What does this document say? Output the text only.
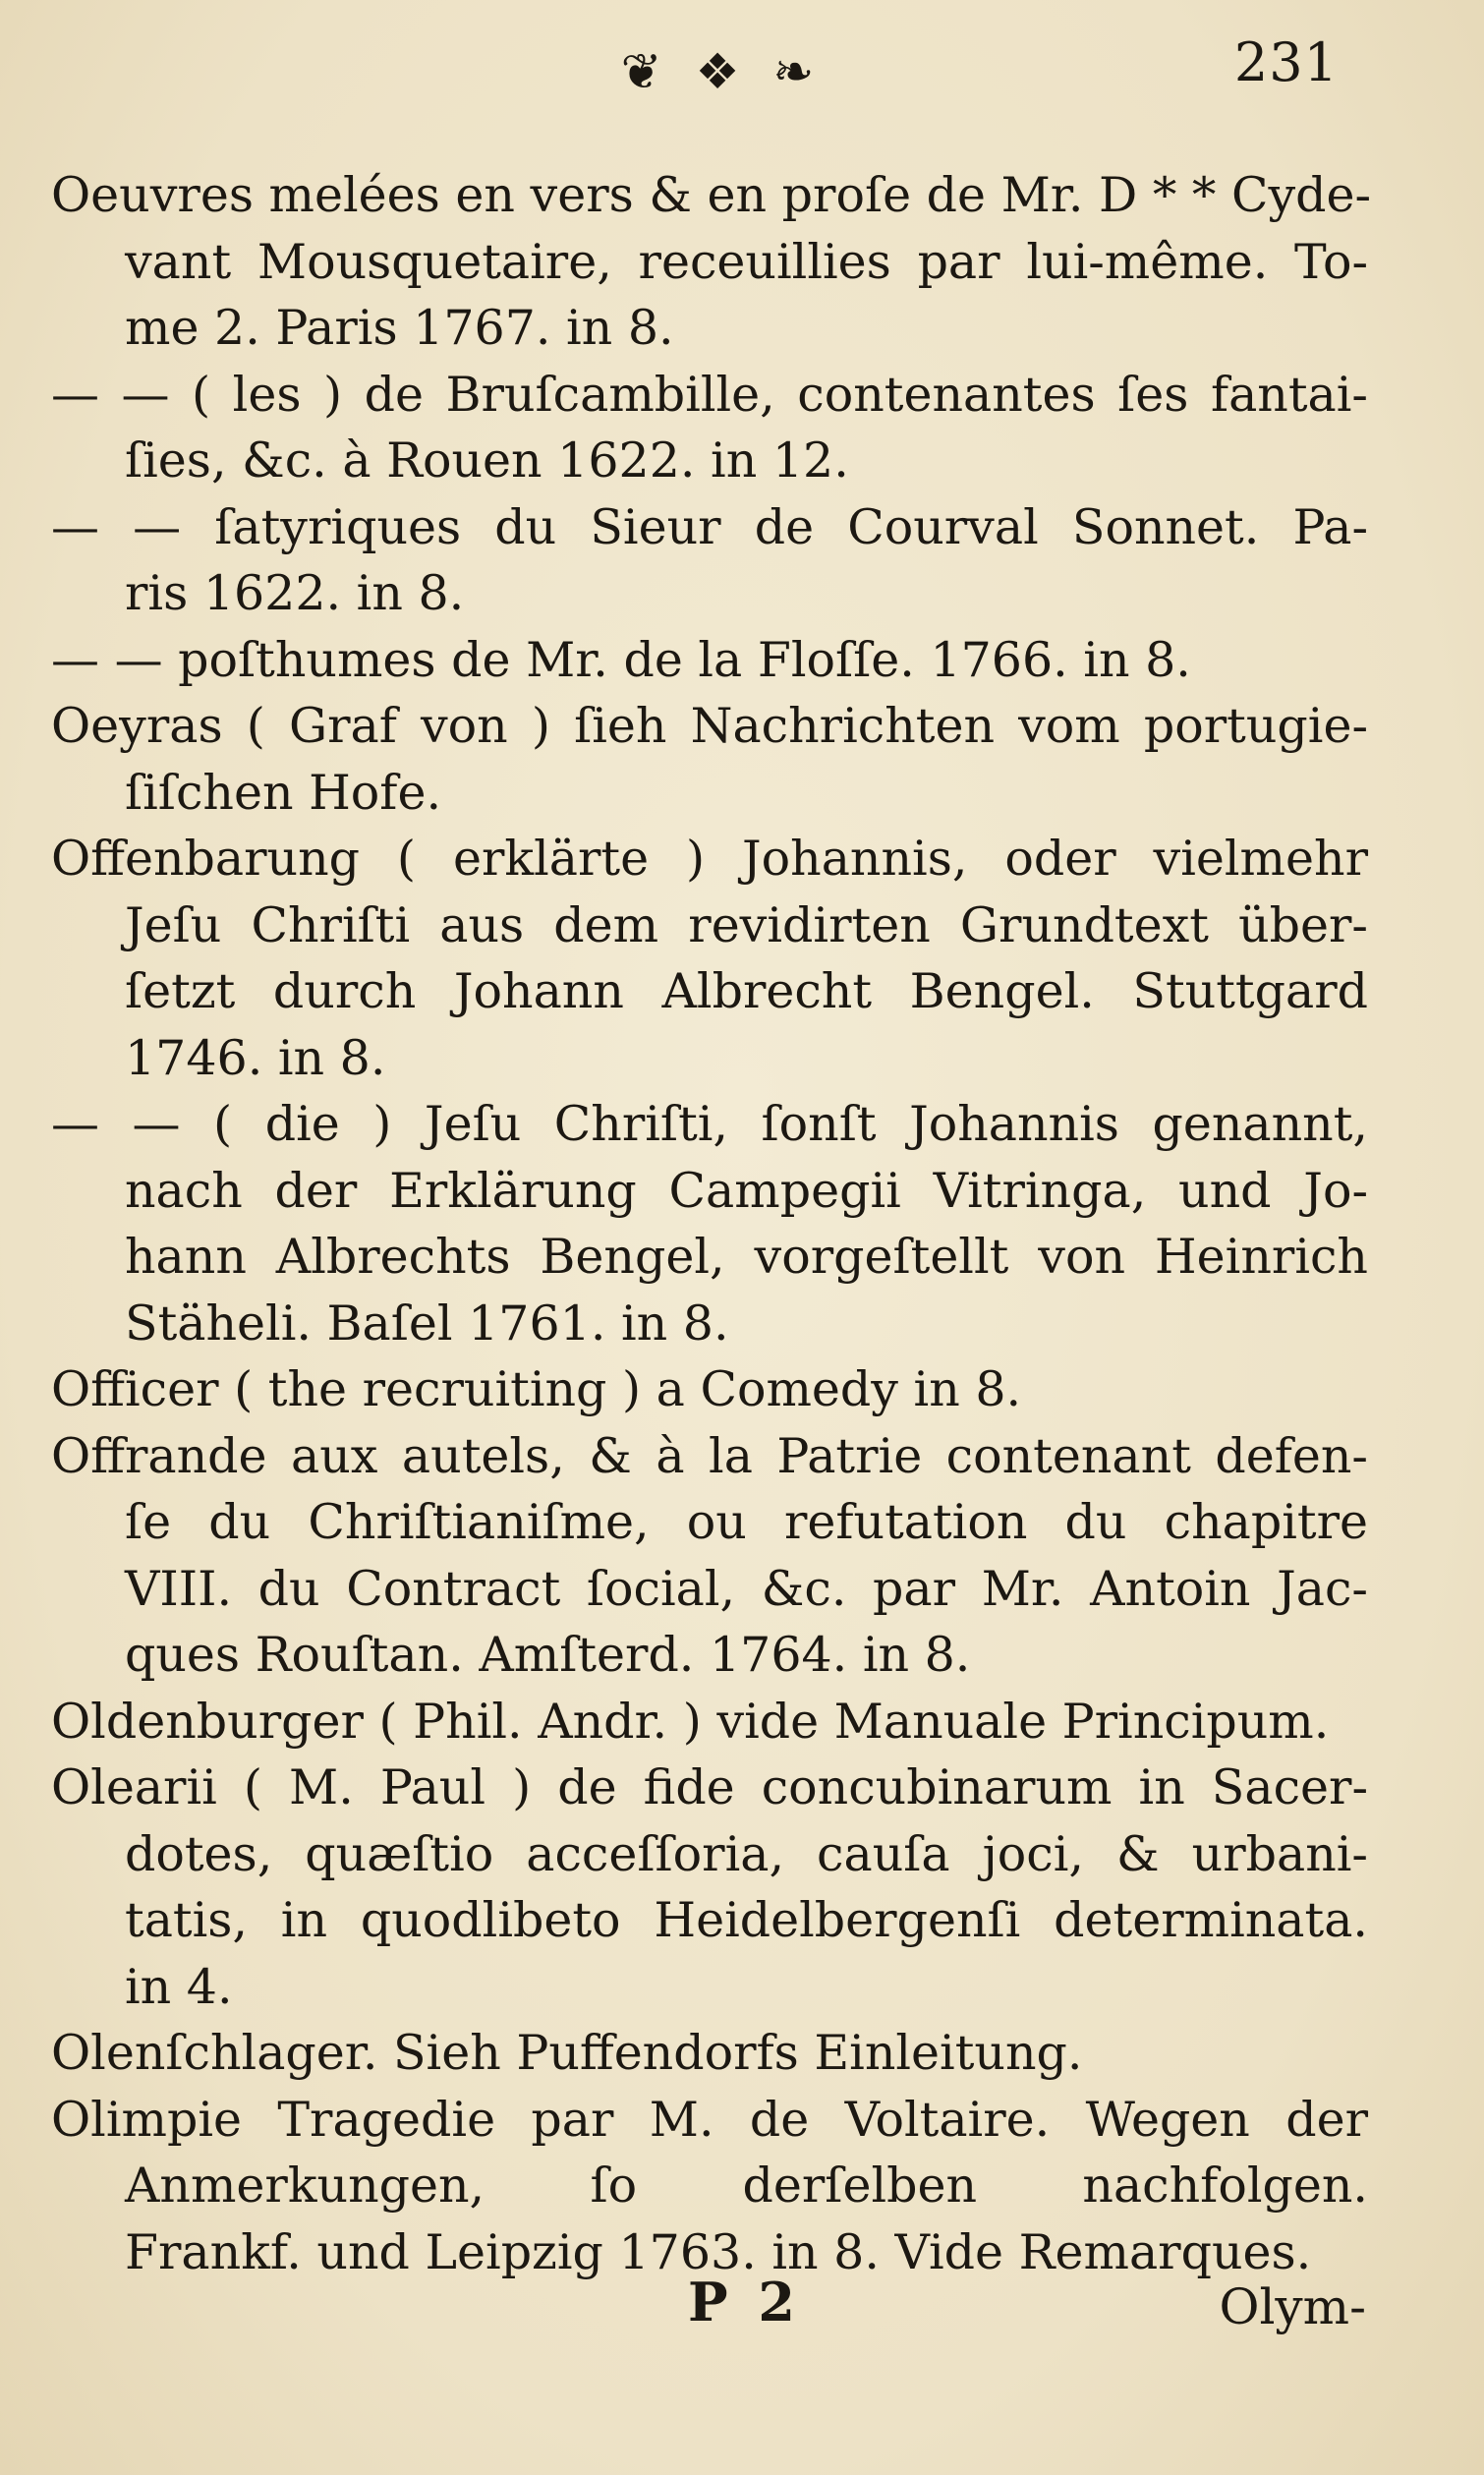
❦ ❖ ❧	231
Oeuvres melées en vers & en proſe de Mr. D * * Cyde-
vant Mousquetaire, receuillies par lui-même. To-
me 2. Paris 1767. in 8.
— — ( les ) de Bruſcambille, contenantes ſes fantai-
ſies, &c. à Rouen 1622. in 12.
— — ſatyriques du Sieur de Courval Sonnet. Pa-
ris 1622. in 8.
— — poſthumes de Mr. de la Floſſe. 1766. in 8.
Oeyras ( Graf von ) ſieh Nachrichten vom portugie-
ſiſchen Hofe.
Offenbarung ( erklärte ) Johannis, oder vielmehr
Jeſu Chriſti aus dem revidirten Grundtext über-
ſetzt durch Johann Albrecht Bengel. Stuttgard
1746. in 8.
— — ( die ) Jeſu Chriſti, ſonſt Johannis genannt,
nach der Erklärung Campegii Vitringa, und Jo-
hann Albrechts Bengel, vorgeſtellt von Heinrich
Stäheli. Baſel 1761. in 8.
Officer ( the recruiting ) a Comedy in 8.
Offrande aux autels, & à la Patrie contenant defen-
ſe du Chriſtianiſme, ou refutation du chapitre
VIII. du Contract ſocial, &c. par Mr. Antoin Jac-
ques Rouſtan. Amſterd. 1764. in 8.
Oldenburger ( Phil. Andr. ) vide Manuale Principum.
Olearii ( M. Paul ) de fide concubinarum in Sacer-
dotes, quæſtio acceſſoria, cauſa joci, & urbani-
tatis, in quodlibeto Heidelbergenſi determinata.
in 4.
Olenſchlager. Sieh Puffendorfs Einleitung.
Olimpie Tragedie par M. de Voltaire. Wegen der
Anmerkungen, ſo derſelben nachfolgen.
Frankf. und Leipzig 1763. in 8. Vide Remarques.
P 2	Olym-
